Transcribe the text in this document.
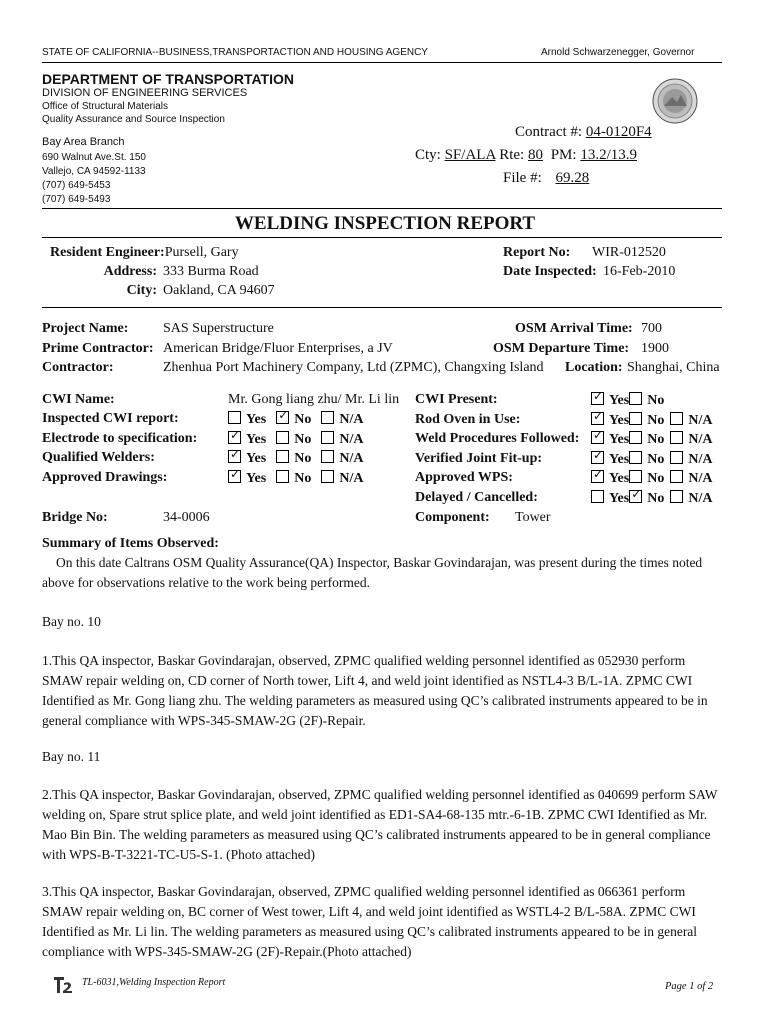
STATE OF CALIFORNIA--BUSINESS,TRANSPORTACTION AND HOUSING AGENCY	Arnold Schwarzenegger, Governor
DEPARTMENT OF TRANSPORTATION
DIVISION OF ENGINEERING SERVICES
Office of Structural Materials
Quality Assurance and Source Inspection
Bay Area Branch
690 Walnut Ave.St. 150
Vallejo, CA 94592-1133
(707) 649-5453
(707) 649-5493
Contract #: 04-0120F4
Cty: SF/ALA Rte: 80 PM: 13.2/13.9
File #: 69.28
WELDING INSPECTION REPORT
Resident Engineer:Pursell, Gary
Address: 333 Burma Road
City: Oakland, CA 94607
Report No: WIR-012520
Date Inspected: 16-Feb-2010
Project Name: SAS Superstructure
Prime Contractor: American Bridge/Fluor Enterprises, a JV
Contractor:	Zhenhua Port Machinery Company, Ltd (ZPMC), Changxing Island
OSM Arrival Time: 700
OSM Departure Time: 1900
Location: Shanghai, China
CWI Name:	Mr. Gong liang zhu/ Mr. Li lin
Inspected CWI report:	Yes ✓ No N/A
Electrode to specification: ✓	Yes No N/A
Qualified Welders: ✓	Yes No N/A
Approved Drawings: ✓	Yes No N/A
CWI Present: ✓	Yes No
Rod Oven in Use: ✓	Yes No N/A
Weld Procedures Followed: ✓	Yes No N/A
Verified Joint Fit-up: ✓	Yes No N/A
Approved WPS: ✓	Yes No N/A
Delayed / Cancelled:	Yes ✓ No N/A
Bridge No:	34-0006	Component: Tower
Summary of Items Observed:
On this date Caltrans OSM Quality Assurance(QA) Inspector, Baskar Govindarajan, was present during the times noted above for observations relative to the work being performed.
Bay no. 10
1.This QA inspector, Baskar Govindarajan, observed, ZPMC qualified welding personnel identified as 052930 perform SMAW repair welding on, CD corner of North tower, Lift 4, and weld joint identified as NSTL4-3 B/L-1A. ZPMC CWI Identified as Mr. Gong liang zhu. The welding parameters as measured using QC’s calibrated instruments appeared to be in general compliance with WPS-345-SMAW-2G (2F)-Repair.
Bay no. 11
2.This QA inspector, Baskar Govindarajan, observed, ZPMC qualified welding personnel identified as 040699 perform SAW welding on, Spare strut splice plate, and weld joint identified as ED1-SA4-68-135 mtr.-6-1B. ZPMC CWI Identified as Mr. Mao Bin Bin. The welding parameters as measured using QC’s calibrated instruments appeared to be in general compliance with WPS-B-T-3221-TC-U5-S-1. (Photo attached)
3.This QA inspector, Baskar Govindarajan, observed, ZPMC qualified welding personnel identified as 066361 perform SMAW repair welding on, BC corner of West tower, Lift 4, and weld joint identified as WSTL4-2 B/L-58A. ZPMC CWI Identified as Mr. Li lin. The welding parameters as measured using QC’s calibrated instruments appeared to be in general compliance with WPS-345-SMAW-2G (2F)-Repair.(Photo attached)
TL-6031,Welding Inspection Report	Page 1 of 2
